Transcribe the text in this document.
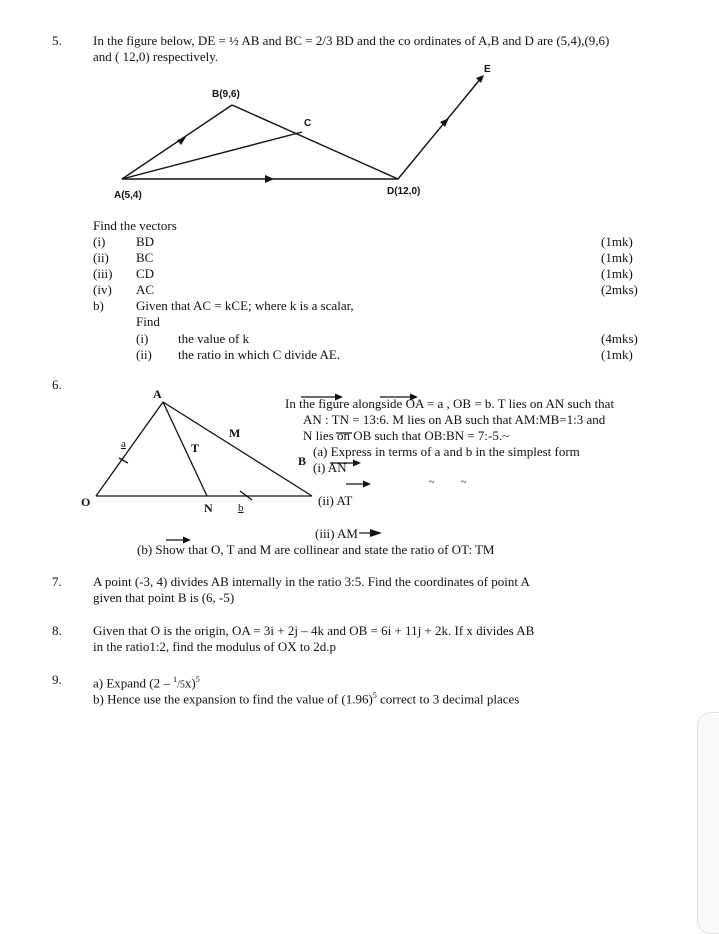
5. In the figure below, DE = ½ AB and BC = 2/3 BD and the co ordinates of A,B and D are (5,4),(9,6)
and ( 12,0) respectively.
B(9,6)
C
E
A(5,4)	D(12,0)
Find the vectors
(i) BD	(1mk)
(ii) BC	(1mk)
(iii) CD	(1mk)
(iv) AC	(2mks)
b) Given that AC = kCE; where k is a scalar,
Find
(i) the value of k	(4mks)
(ii) the ratio in which C divide AE.	(1mk)
6.
A
O
M
T
N
B
a
b
In the figure alongside OA = a , OB = b. T lies on AN such that
AN : TN = 13:6. M lies on AB such that AM:MB=1:3 and
N lies on OB such that OB:BN = 7:-5.~
(a) Express in terms of a and b in the simplest form
(i) AN
(ii) AT
(iii) AM
(b) Show that O, T and M are collinear and state the ratio of OT: TM
~	~
7. A point (-3, 4) divides AB internally in the ratio 3:5. Find the coordinates of point A
given that point B is (6, -5)
8. Given that O is the origin, OA = 3i + 2j – 4k and OB = 6i + 11j + 2k. If x divides AB
in the ratio1:2, find the modulus of OX to 2d.p
9. a) Expand (2 – $^1$/5x)$^5$
b) Hence use the expansion to find the value of $(1.96)^5$ correct to 3 decimal places
